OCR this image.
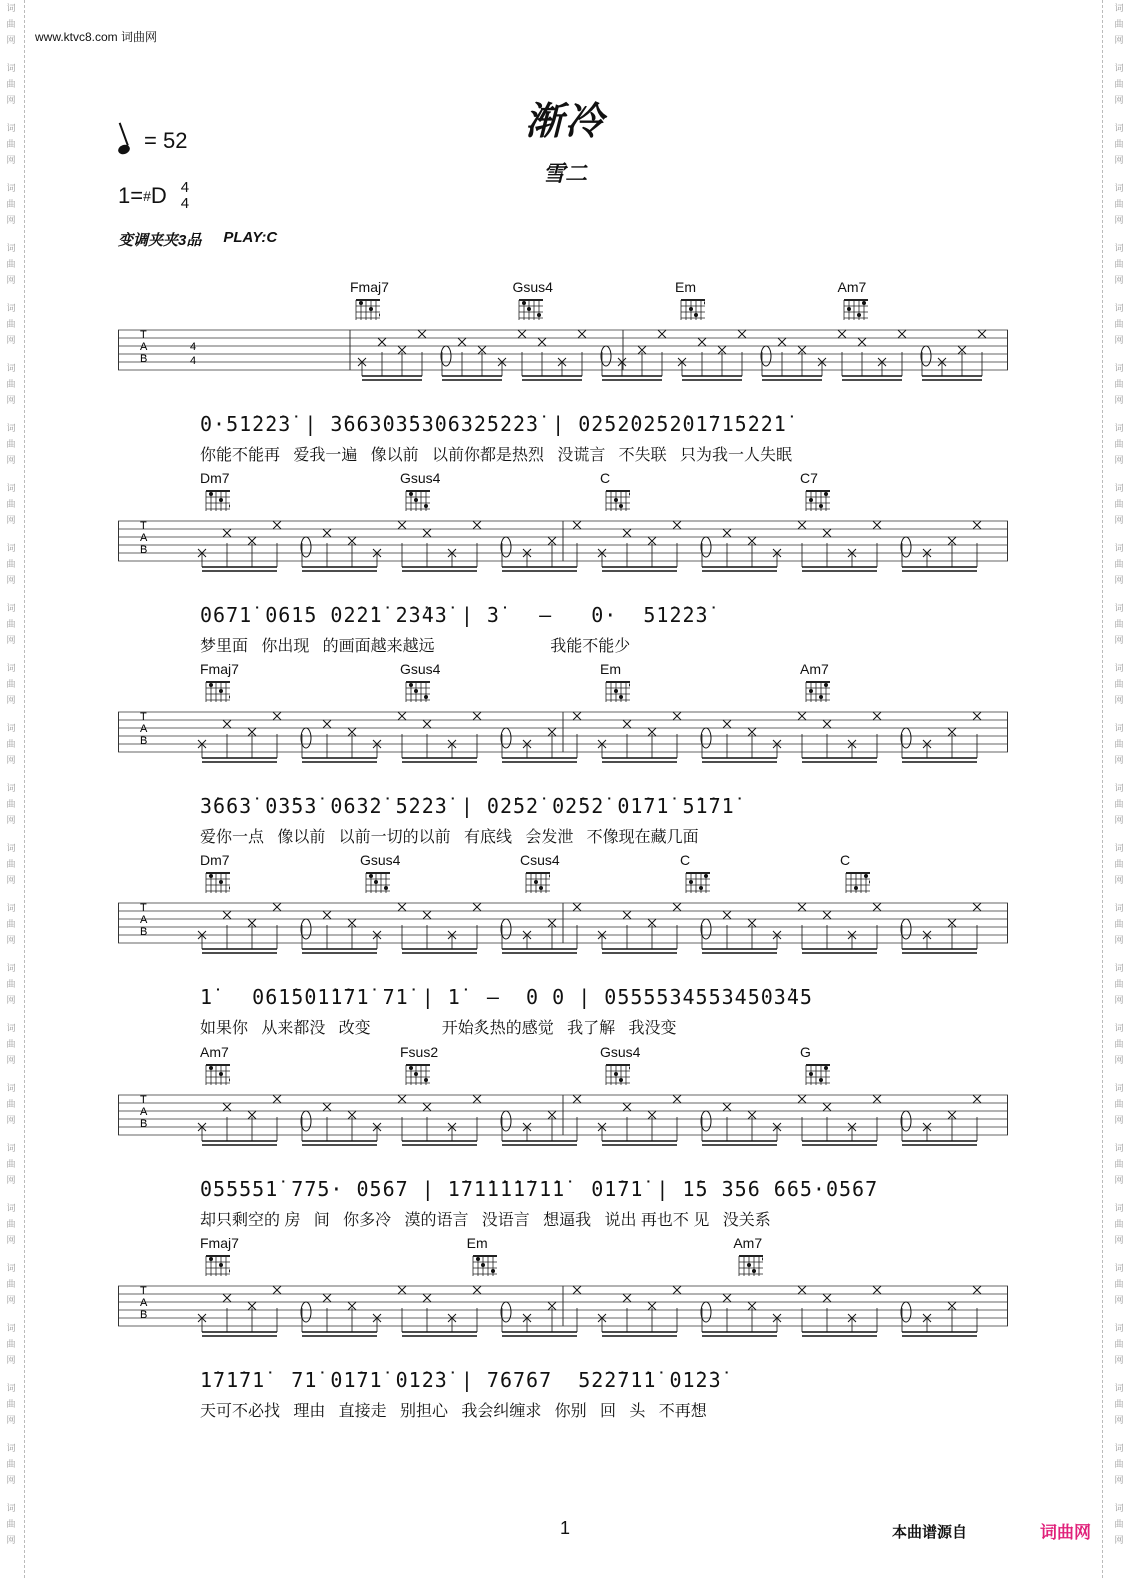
词
曲
网
词
曲
网
词
曲
网
词
曲
网
词
曲
网
词
曲
网
词
曲
网
词
曲
网
词
曲
网
词
曲
网
词
曲
网
词
曲
网
词
曲
网
词
曲
网
词
曲
网
词
曲
网
词
曲
网
词
曲
网
词
曲
网
词
曲
网
词
曲
网
词
曲
网
词
曲
网
词
曲
网
词
曲
网
词
曲
网
词
曲
网
词
曲
网
词
曲
网
词
曲
网
词
曲
网
词
曲
网
词
曲
网
词
曲
网
词
曲
网
词
曲
网
词
曲
网
词
曲
网
词
曲
网
词
曲
网
词
曲
网
词
曲
网
词
曲
网
词
曲
网
词
曲
网
词
曲
网
词
曲
网
词
曲
网
词
曲
网
词
曲
网
词
曲
网
词
曲
网
www.ktvc8.com 词曲网
渐冷
雪二
= 52
1= # D 4
4
变调夹夹3品 PLAY:C
Fmaj7	Gsus4	Em	Am7
T
A
B
4
4
0·51̇2̇2̇3̇ | 3̇663̇03̇53̇063̇2̇5̇2̇2̇3̇ | 02̇52̇02̇52̇01̇71̇5̇2̇2̇1̇
你能不能再   爱我一遍   像以前   以前你都是热烈   没谎言   不失联   只为我一人失眠
Dm7	Gsus4	C	C7
T
A
B
0671̇ 061̇5 02̇2̇1̇ 2̇3̇43̇ | 3̇   —   0·  51̇2̇2̇3̇
梦里面   你出现   的画面越来越远                          我能不能少
Fmaj7	Gsus4	Em	Am7
T
A
B
3̇663̇ 03̇53̇ 063̇2̇ 5̇2̇2̇3̇ | 02̇52̇ 02̇52̇ 01̇71̇ 5̇1̇71̇
爱你一点   像以前   以前一切的以前   有底线   会发泄   不像现在藏几面
Dm7	Gsus4	Csus4	C	C
T
A
B
1̇   061̇5̇01̇1̇71̇ 71̇ | 1̇  —  0 0 | 05555345534503̇45
如果你   从来都没   改变                开始炙热的感觉   我了解   我没变
Am7	Fsus2	Gsus4	G
T
A
B
055551̇ 775· 0567 | 1̇71̇1̇1̇1̇71̇1̇  01̇71̇ | 1̇5 356 665·0567
却只剩空的 房   间   你多冷   漠的语言   没语言   想逼我   说出 再也不 见   没关系
Fmaj7	Em	Am7
T
A
B
1̇71̇71̇  71̇ 01̇71̇ 01̇2̇3̇ | 76767  52̇2̇71̇1̇ 01̇2̇3̇
天可不必找   理由   直接走   别担心   我会纠缠求   你别   回   头   不再想
1	本曲谱源自	词曲网
